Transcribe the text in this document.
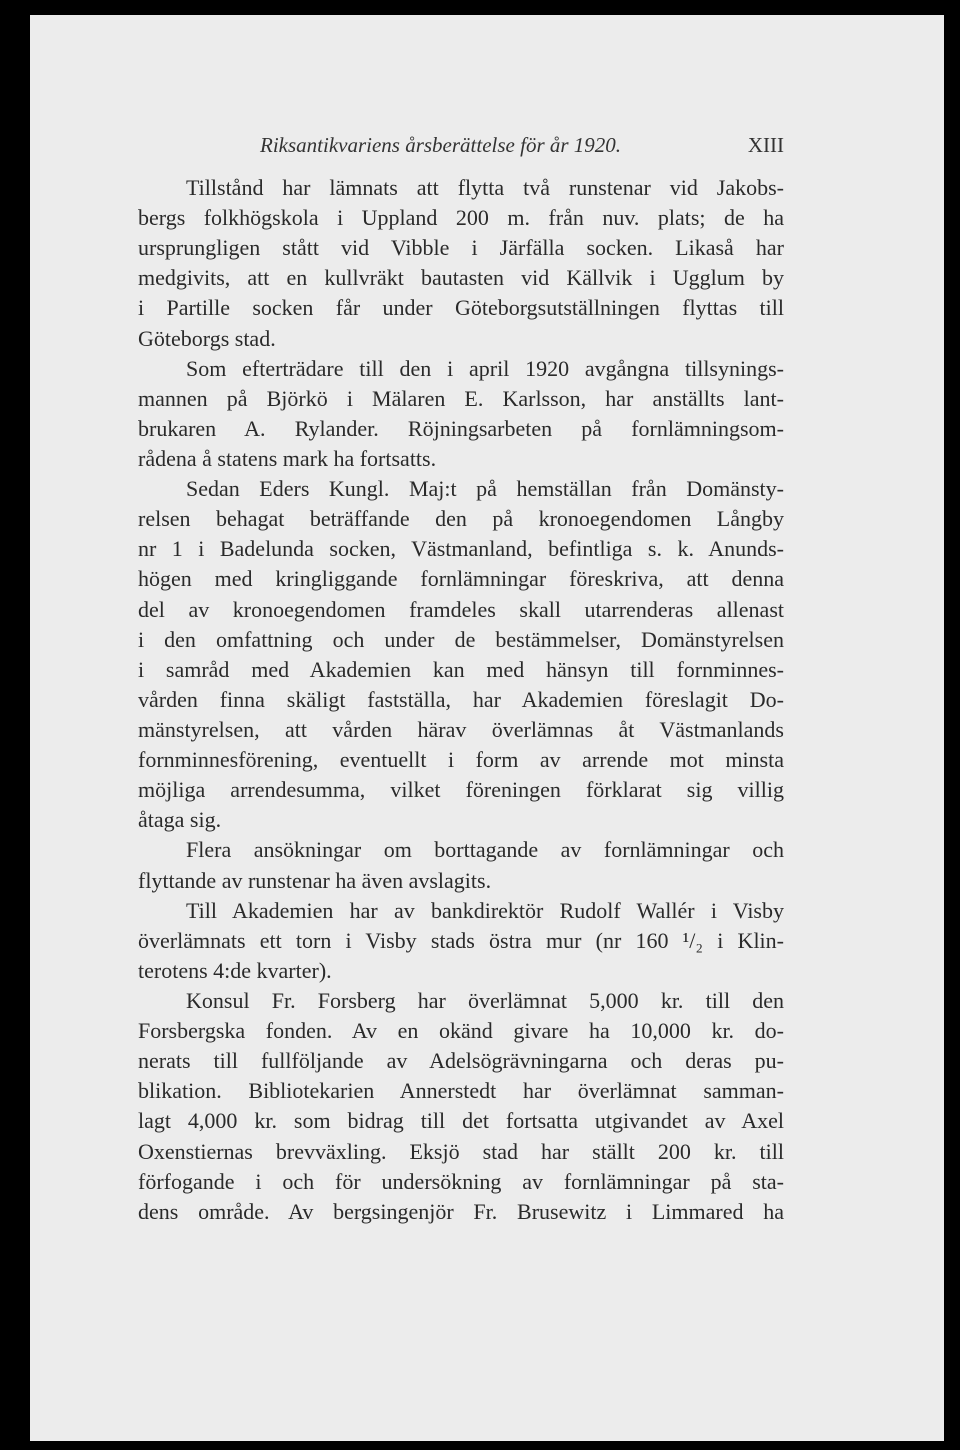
Riksantikvariens årsberättelse för år 1920.	XIII
Tillstånd har lämnats att flytta två runstenar vid Jakobs-
bergs folkhögskola i Uppland 200 m. från nuv. plats; de ha
ursprungligen stått vid Vibble i Järfälla socken. Likaså har
medgivits, att en kullvräkt bautasten vid Källvik i Ugglum by
i Partille socken får under Göteborgsutställningen flyttas till
Göteborgs stad.
Som efterträdare till den i april 1920 avgångna tillsynings-
mannen på Björkö i Mälaren E. Karlsson, har anställts lant-
brukaren A. Rylander. Röjningsarbeten på fornlämningsom-
rådena å statens mark ha fortsatts.
Sedan Eders Kungl. Maj:t på hemställan från Domänsty-
relsen behagat beträffande den på kronoegendomen Långby
nr 1 i Badelunda socken, Västmanland, befintliga s. k. Anunds-
högen med kringliggande fornlämningar föreskriva, att denna
del av kronoegendomen framdeles skall utarrenderas allenast
i den omfattning och under de bestämmelser, Domänstyrelsen
i samråd med Akademien kan med hänsyn till fornminnes-
vården finna skäligt fastställa, har Akademien föreslagit Do-
mänstyrelsen, att vården härav överlämnas åt Västmanlands
fornminnesförening, eventuellt i form av arrende mot minsta
möjliga arrendesumma, vilket föreningen förklarat sig villig
åtaga sig.
Flera ansökningar om borttagande av fornlämningar och
flyttande av runstenar ha även avslagits.
Till Akademien har av bankdirektör Rudolf Wallér i Visby
överlämnats ett torn i Visby stads östra mur (nr 160 ¹/₂ i Klin-
terotens 4:de kvarter).
Konsul Fr. Forsberg har överlämnat 5,000 kr. till den
Forsbergska fonden. Av en okänd givare ha 10,000 kr. do-
nerats till fullföljande av Adelsögrävningarna och deras pu-
blikation. Bibliotekarien Annerstedt har överlämnat samman-
lagt 4,000 kr. som bidrag till det fortsatta utgivandet av Axel
Oxenstiernas brevväxling. Eksjö stad har ställt 200 kr. till
förfogande i och för undersökning av fornlämningar på sta-
dens område. Av bergsingenjör Fr. Brusewitz i Limmared ha
